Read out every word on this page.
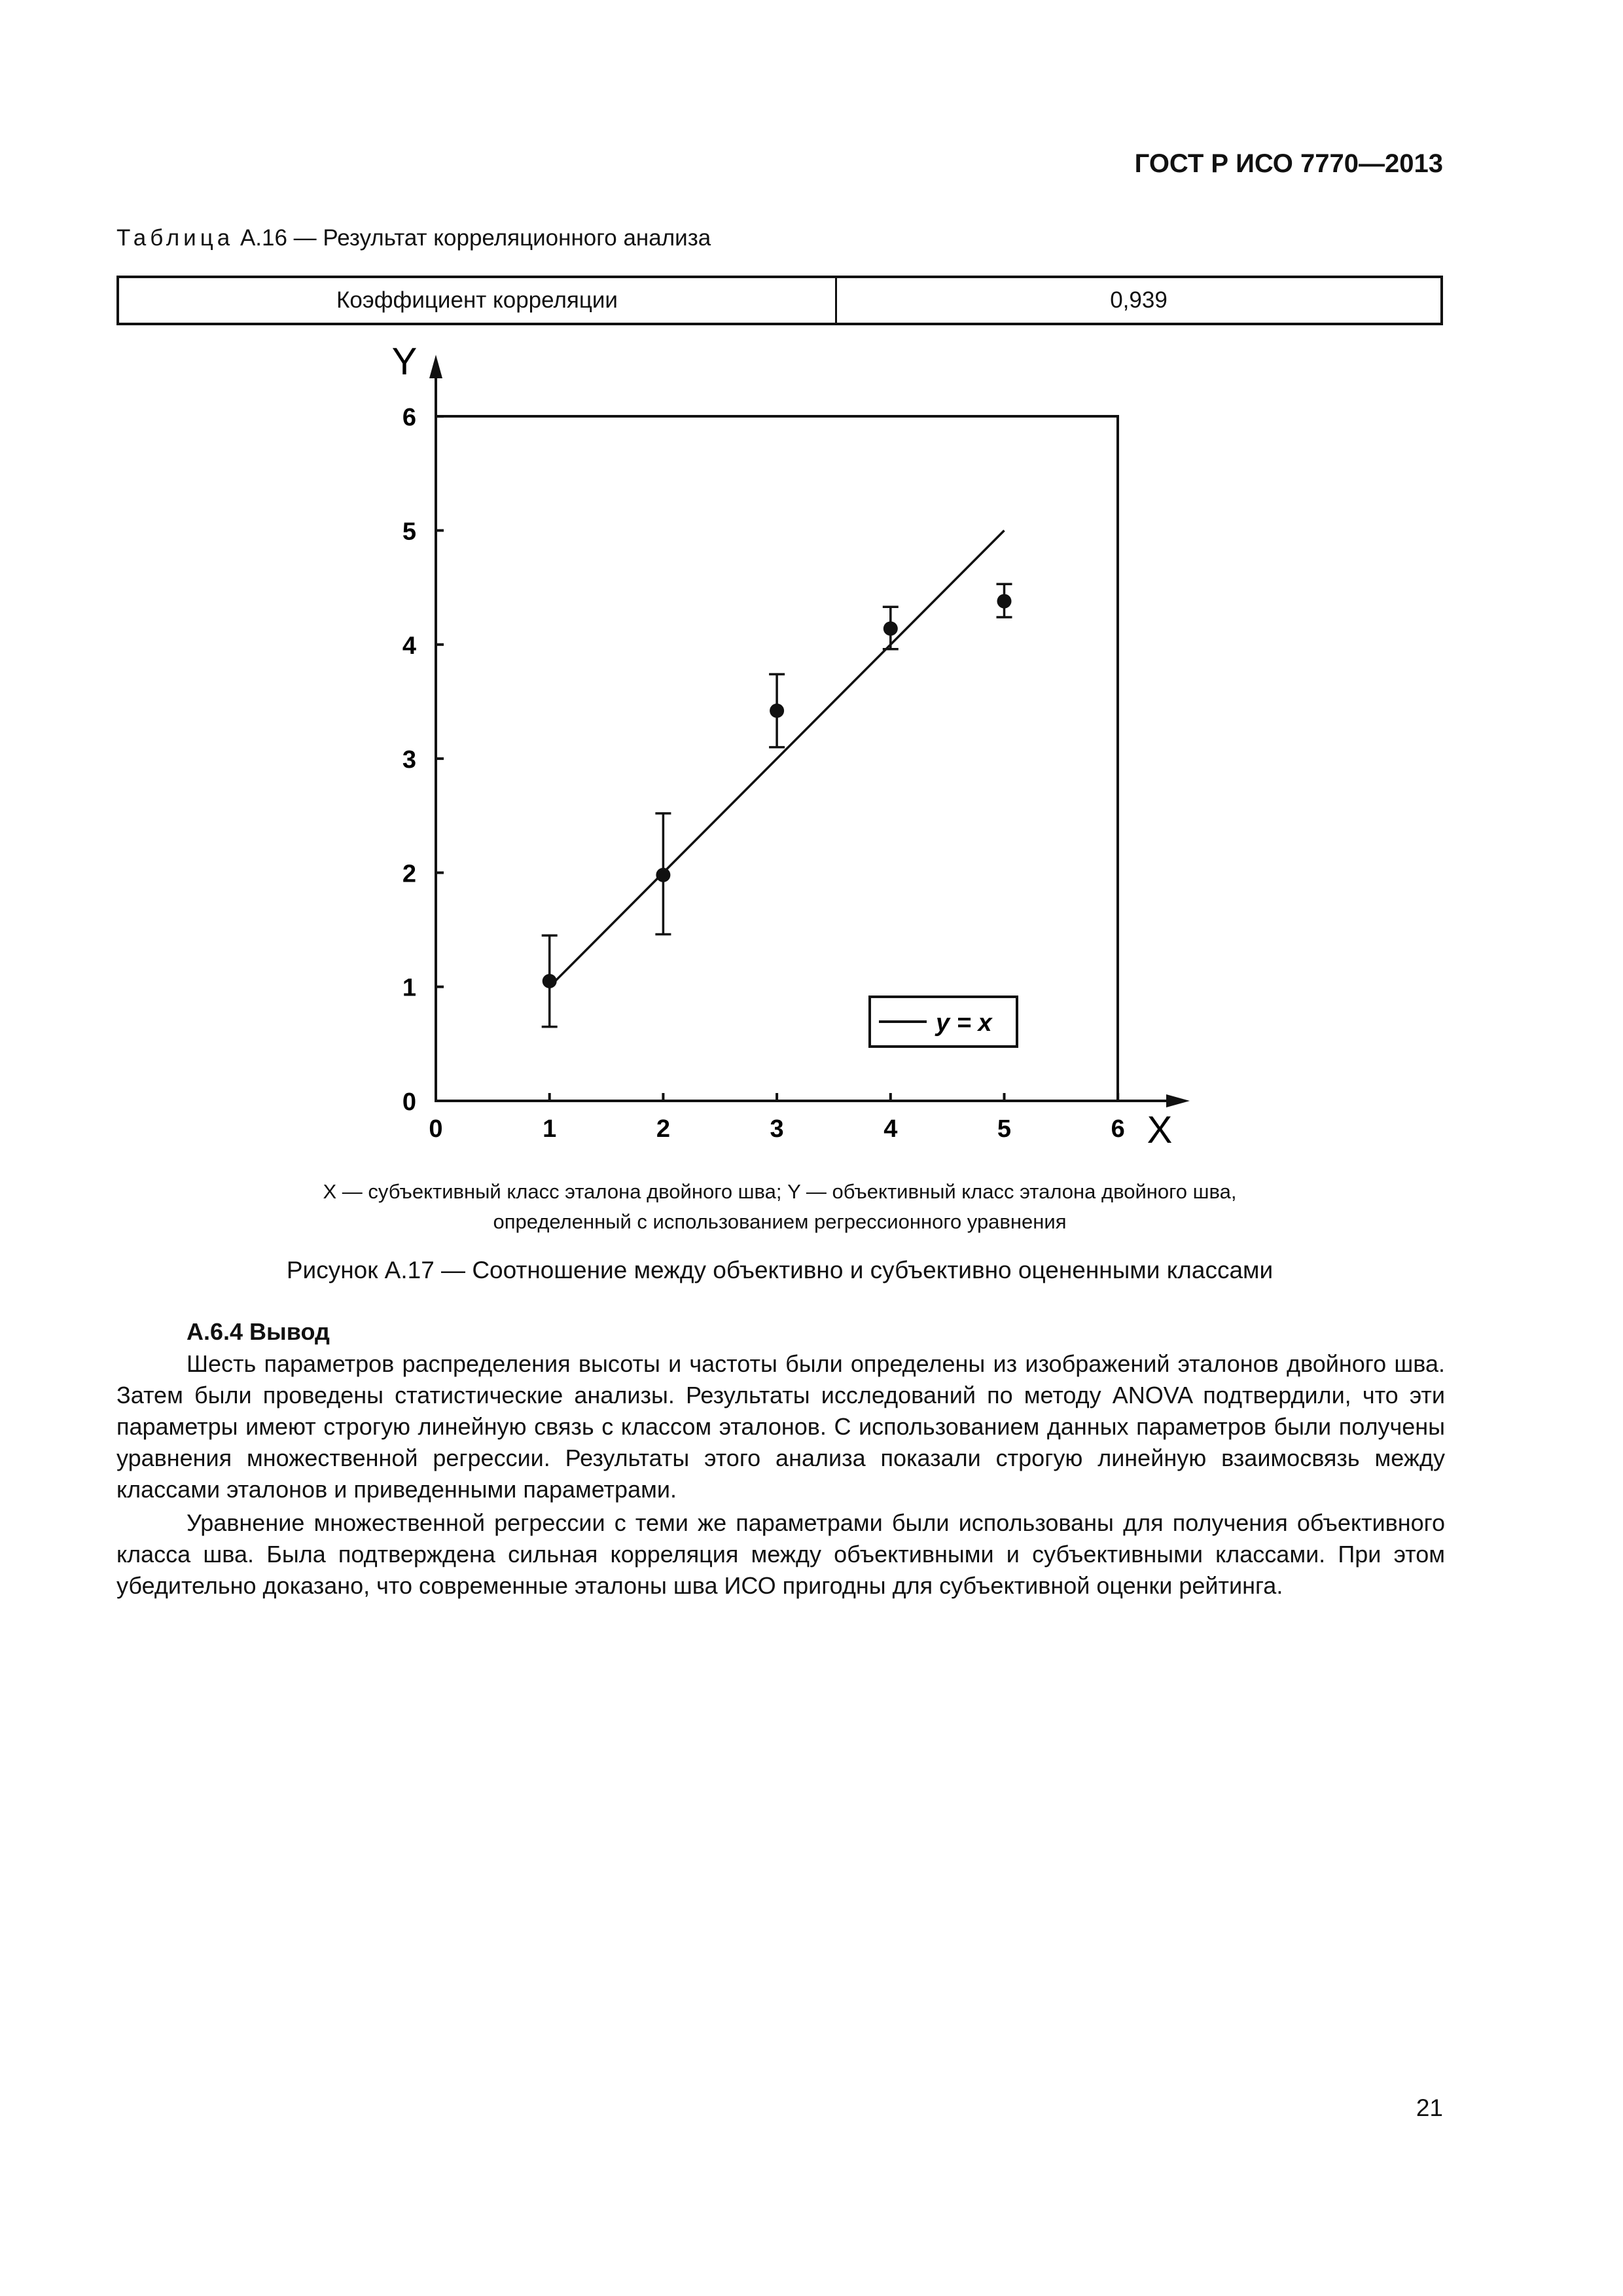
ГОСТ Р ИСО 7770—2013
Таблица А.16 — Результат корреляционного анализа
Коэффициент корреляции	0,939
Y
X
0	1	2	3	4	5	6
0
1
2
3
4
5
6
y = x
X — субъективный класс эталона двойного шва; Y — объективный класс эталона двойного шва,
определенный с использованием регрессионного уравнения
Рисунок А.17 — Соотношение между объективно и субъективно оцененными классами
А.6.4 Вывод

Шесть параметров распределения высоты и частоты были определены из изображений эталонов двойного шва. Затем были проведены статистические анализы. Результаты исследований по методу ANOVA подтвердили, что эти параметры имеют строгую линейную связь с классом эталонов. С использованием данных параметров были получены уравнения множественной регрессии. Результаты этого анализа показали строгую линейную взаимосвязь между классами эталонов и приведенными параметрами.

Уравнение множественной регрессии с теми же параметрами были использованы для получения объективного класса шва. Была подтверждена сильная корреляция между объективными и субъективными классами. При этом убедительно доказано, что современные эталоны шва ИСО пригодны для субъективной оценки рейтинга.

21
